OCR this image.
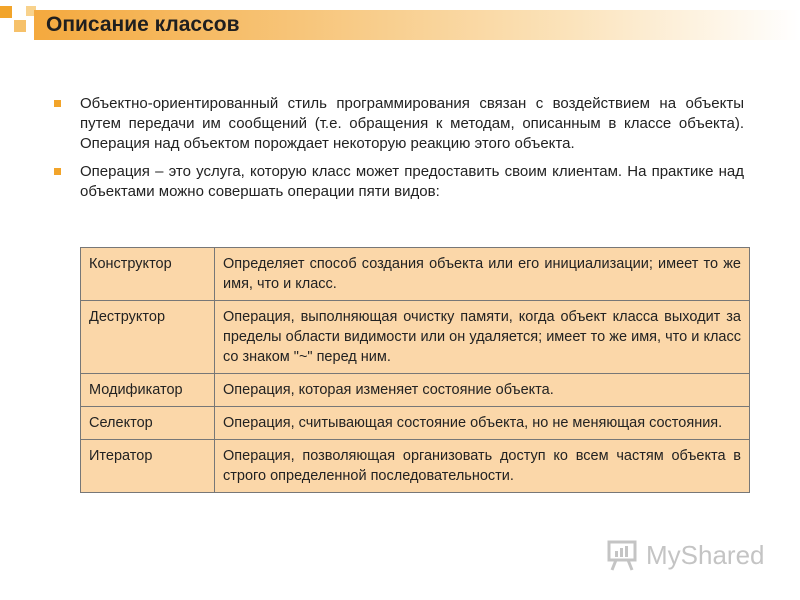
Описание классов
Объектно-ориентированный стиль программирования связан с воздействием на объекты путем передачи им сообщений (т.е. обращения к методам, описанным в классе объекта). Операция над объектом порождает некоторую реакцию этого объекта.
Операция – это услуга, которую класс может предоставить своим клиентам. На практике над объектами можно совершать операции пяти видов:
Конструктор	Определяет способ создания объекта или его инициализации; имеет то же имя, что и класс.
Деструктор	Операция, выполняющая очистку памяти, когда объект класса выходит за пределы области видимости или он удаляется; имеет то же имя, что и класс со знаком "~" перед ним.
Модификатор	Операция, которая изменяет состояние объекта.
Селектор	Операция, считывающая состояние объекта, но не меняющая состояния.
Итератор	Операция, позволяющая организовать доступ ко всем частям объекта в строго определенной последовательности.
MyShared
